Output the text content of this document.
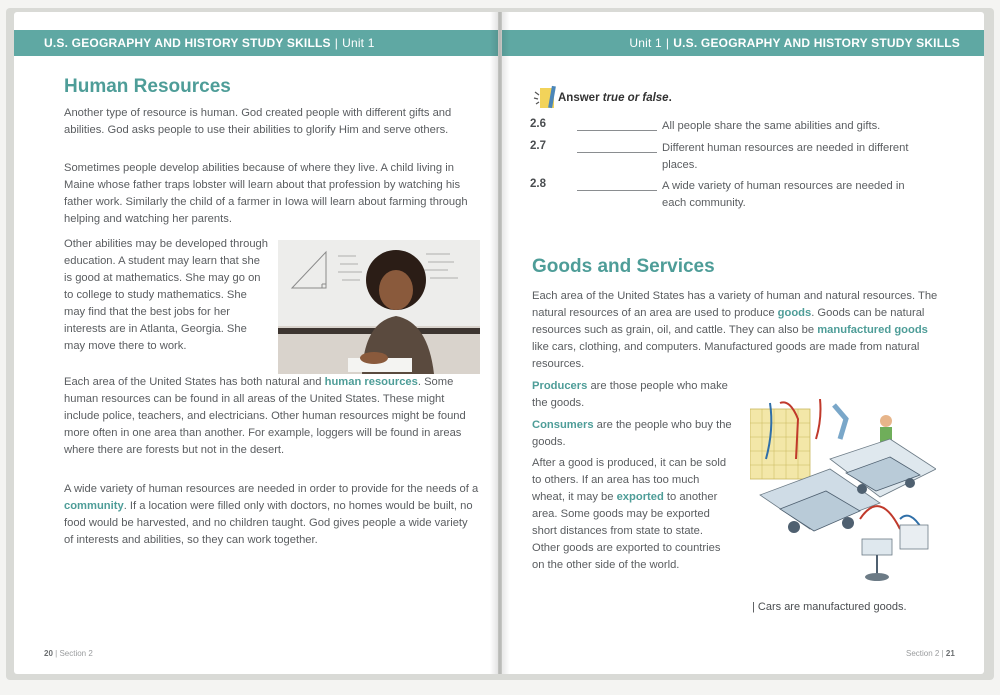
U.S. GEOGRAPHY AND HISTORY STUDY SKILLS | Unit 1
Human Resources

Another type of resource is human. God created people with different gifts and abilities. God asks people to use their abilities to glorify Him and serve others.

Sometimes people develop abilities because of where they live. A child living in Maine whose father traps lobster will learn about that profession by watching his father work. Similarly the child of a farmer in Iowa will learn about farming through helping and watching her parents.

Other abilities may be developed through education. A student may learn that she is good at mathematics. She may go on to college to study mathematics. She may find that the best jobs for her interests are in Atlanta, Georgia. She may move there to work.

Each area of the United States has both natural and human resources. Some human resources can be found in all areas of the United States. These might include police, teachers, and electricians. Other human resources might be found more often in one area than another. For example, loggers will be found in areas where there are forests but not in the desert.

A wide variety of human resources are needed in order to provide for the needs of a community. If a location were filled only with doctors, no homes would be built, no food would be harvested, and no children taught. God gives people a wide variety of interests and abilities, so they can work together.

20 | Section 2
Unit 1 | U.S. GEOGRAPHY AND HISTORY STUDY SKILLS
Answer true or false.
2.6	All people share the same abilities and gifts.
2.7	Different human resources are needed in different places.
2.8	A wide variety of human resources are needed in each community.
Goods and Services

Each area of the United States has a variety of human and natural resources. The natural resources of an area are used to produce goods. Goods can be natural resources such as grain, oil, and cattle. They can also be manufactured goods like cars, clothing, and computers. Manufactured goods are made from natural resources.

Producers are those people who make the goods.

Consumers are the people who buy the goods.

After a good is produced, it can be sold to others. If an area has too much wheat, it may be exported to another area. Some goods may be exported short distances from state to state. Other goods are exported to countries on the other side of the world.

| Cars are manufactured goods.
Section 2 | 21
